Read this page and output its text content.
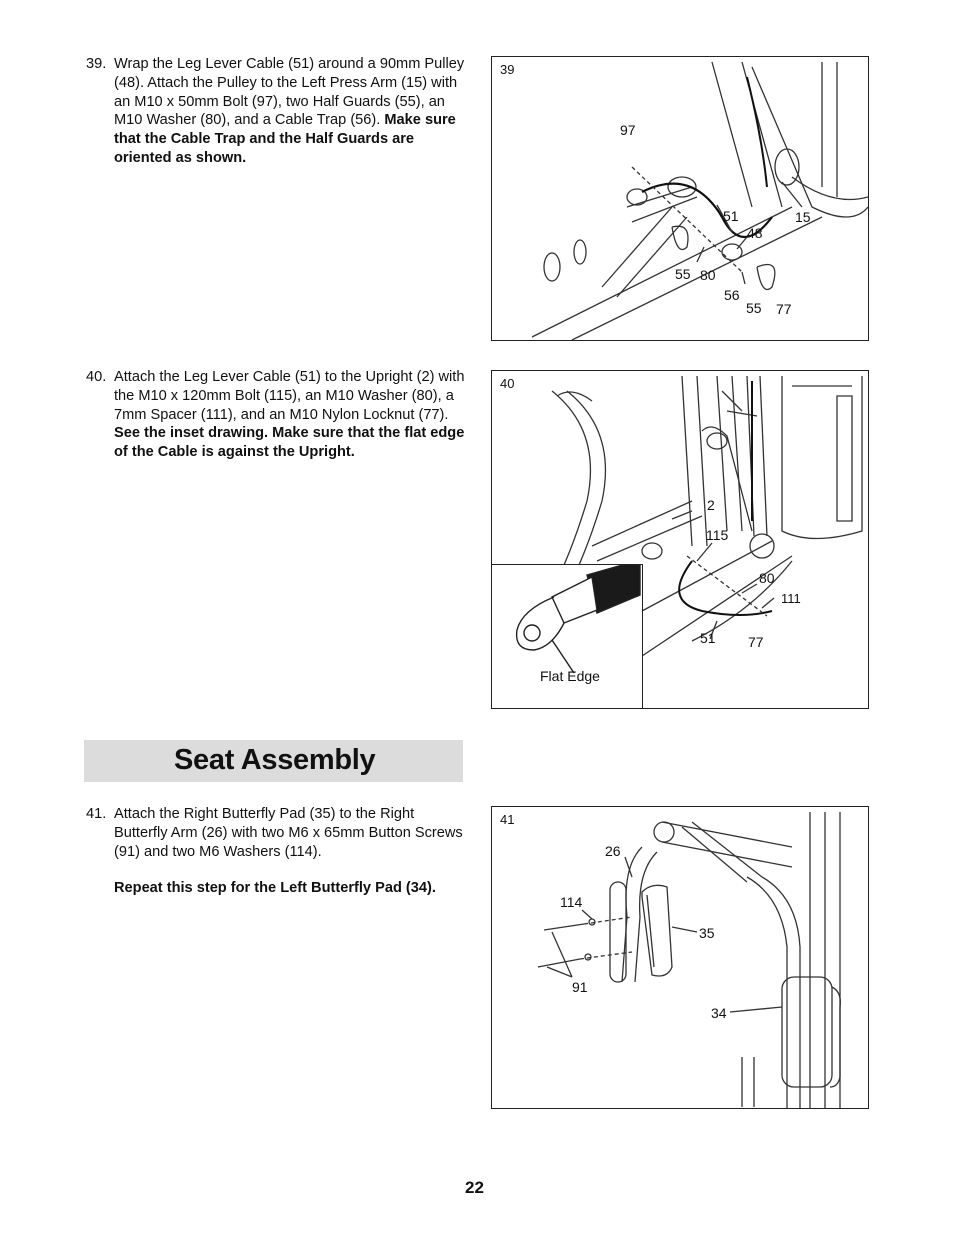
39. Wrap the Leg Lever Cable (51) around a 90mm Pulley (48). Attach the Pulley to the Left Press Arm (15) with an M10 x 50mm Bolt (97), two Half Guards (55), an M10 Washer (80), and a Cable Trap (56). Make sure that the Cable Trap and the Half Guards are oriented as shown.
40. Attach the Leg Lever Cable (51) to the Upright (2) with the M10 x 120mm Bolt (115), an M10 Washer (80), a 7mm Spacer (111), and an M10 Nylon Locknut (77). See the inset drawing. Make sure that the flat edge of the Cable is against the Upright.
Seat Assembly
41. Attach the Right Butterfly Pad (35) to the Right Butterfly Arm (26) with two M6 x 65mm Button Screws (91) and two M6 Washers (114).
Repeat this step for the Left Butterfly Pad (34).
39
97
51	15
48
55 80
56
55 77
40
2
115
80
111
51 77
Flat Edge
41
26
114
35
91
34
22
